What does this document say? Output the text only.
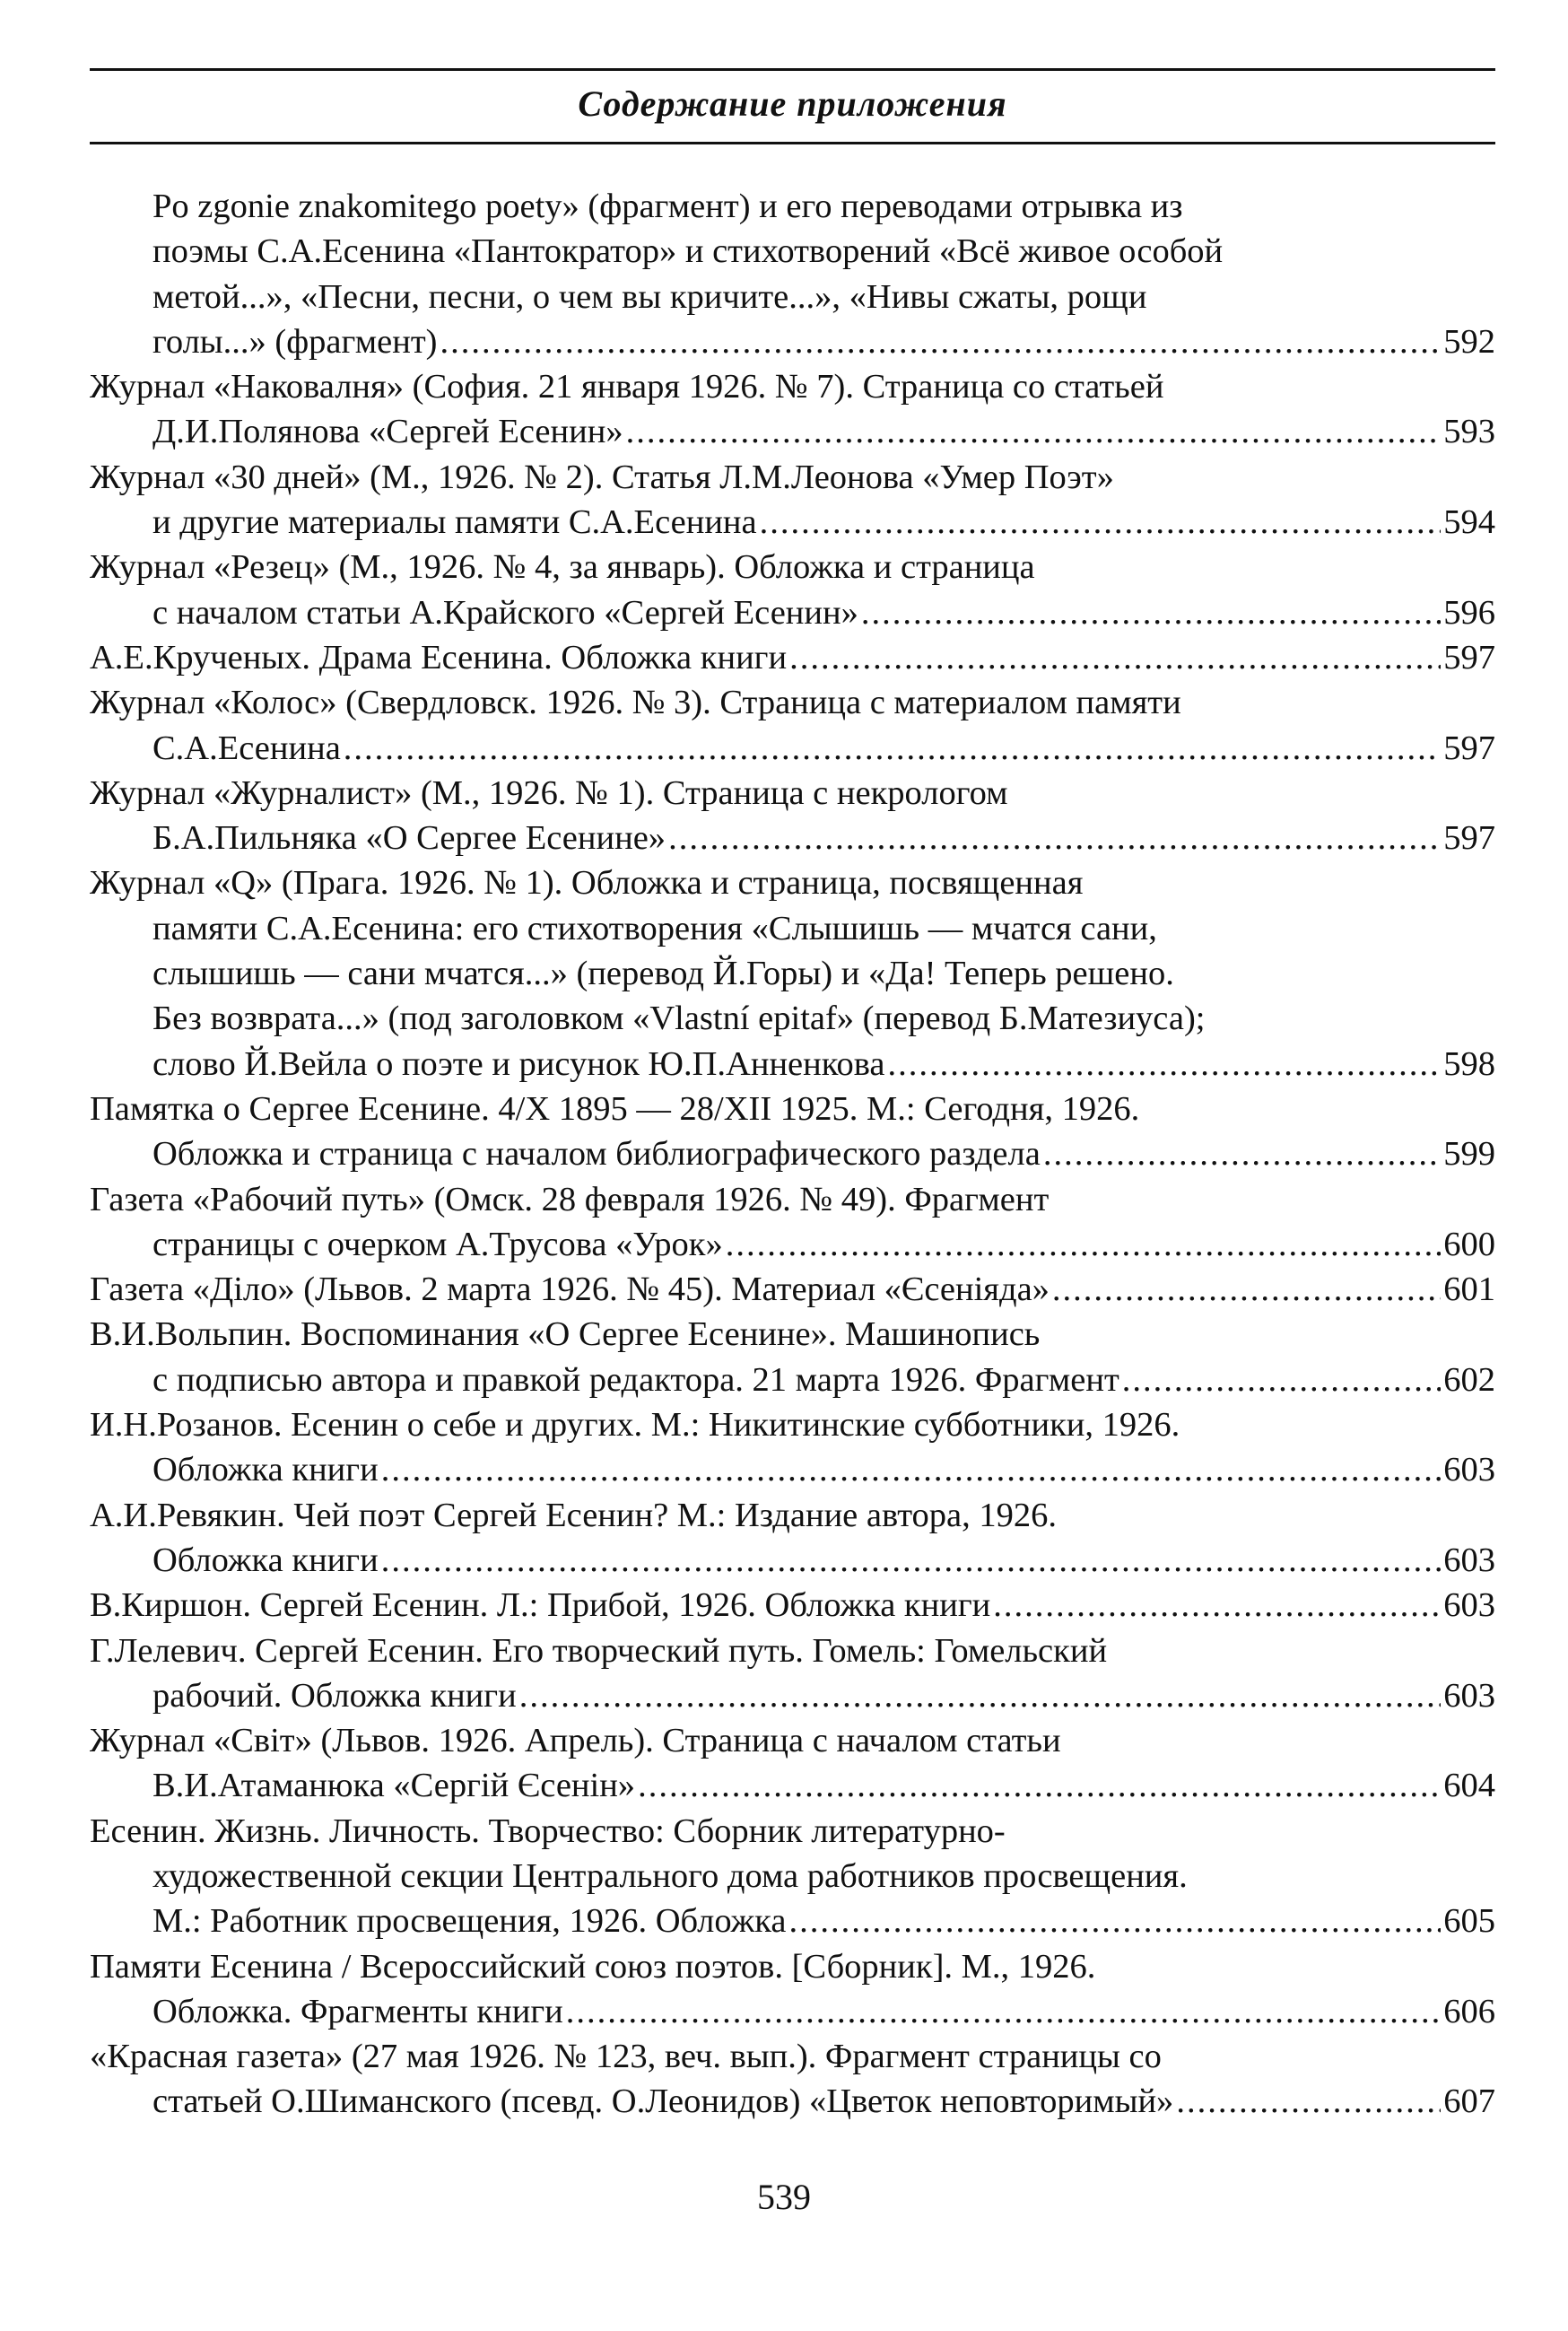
Содержание приложения
Po zgonie znakomitego poety» (фрагмент) и его переводами отрывка из
поэмы С.А.Есенина «Пантократор» и стихотворений «Всё живое особой
метой...», «Песни, песни, о чем вы кричите...», «Нивы сжаты, рощи
голы...» (фрагмент) .....	592
Журнал «Наковалня» (София. 21 января 1926. № 7). Страница со статьей
Д.И.Полянова «Сергей Есенин» .....	593
Журнал «30 дней» (М., 1926. № 2). Статья Л.М.Леонова «Умер Поэт»
и другие материалы памяти С.А.Есенина .....	594
Журнал «Резец» (М., 1926. № 4, за январь). Обложка и страница
с началом статьи А.Крайского «Сергей Есенин» .....	596
А.Е.Крученых. Драма Есенина. Обложка книги .....	597
Журнал «Колос» (Свердловск. 1926. № 3). Страница с материалом памяти
С.А.Есенина .....	597
Журнал «Журналист» (М., 1926. № 1). Страница с некрологом
Б.А.Пильняка «О Сергее Есенине» .....	597
Журнал «Q» (Прага. 1926. № 1). Обложка и страница, посвященная
памяти С.А.Есенина: его стихотворения «Слышишь — мчатся сани,
слышишь — сани мчатся...» (перевод Й.Горы) и «Да! Теперь решено.
Без возврата...» (под заголовком «Vlastní epitaf» (перевод Б.Матезиуса);
слово Й.Вейла о поэте и рисунок Ю.П.Анненкова .....	598
Памятка о Сергее Есенине. 4/X 1895 — 28/XII 1925. М.: Сегодня, 1926.
Обложка и страница с началом библиографического раздела .....	599
Газета «Рабочий путь» (Омск. 28 февраля 1926. № 49). Фрагмент
страницы с очерком А.Трусова «Урок» .....	600
Газета «Діло» (Львов. 2 марта 1926. № 45). Материал «Єсеніяда» .....	601
В.И.Вольпин. Воспоминания «О Сергее Есенине». Машинопись
с подписью автора и правкой редактора. 21 марта 1926. Фрагмент .....	602
И.Н.Розанов. Есенин о себе и других. М.: Никитинские субботники, 1926.
Обложка книги .....	603
А.И.Ревякин. Чей поэт Сергей Есенин? М.: Издание автора, 1926.
Обложка книги .....	603
В.Киршон. Сергей Есенин. Л.: Прибой, 1926. Обложка книги .....	603
Г.Лелевич. Сергей Есенин. Его творческий путь. Гомель: Гомельский
рабочий. Обложка книги .....	603
Журнал «Світ» (Львов. 1926. Апрель). Страница с началом статьи
В.И.Атаманюка «Сергій Єсенін» .....	604
Есенин. Жизнь. Личность. Творчество: Сборник литературно-
художественной секции Центрального дома работников просвещения.
М.: Работник просвещения, 1926. Обложка .....	605
Памяти Есенина / Всероссийский союз поэтов. [Сборник]. М., 1926.
Обложка. Фрагменты книги .....	606
«Красная газета» (27 мая 1926. № 123, веч. вып.). Фрагмент страницы со
статьей О.Шиманского (псевд. О.Леонидов) «Цветок неповторимый» .....	607
539
